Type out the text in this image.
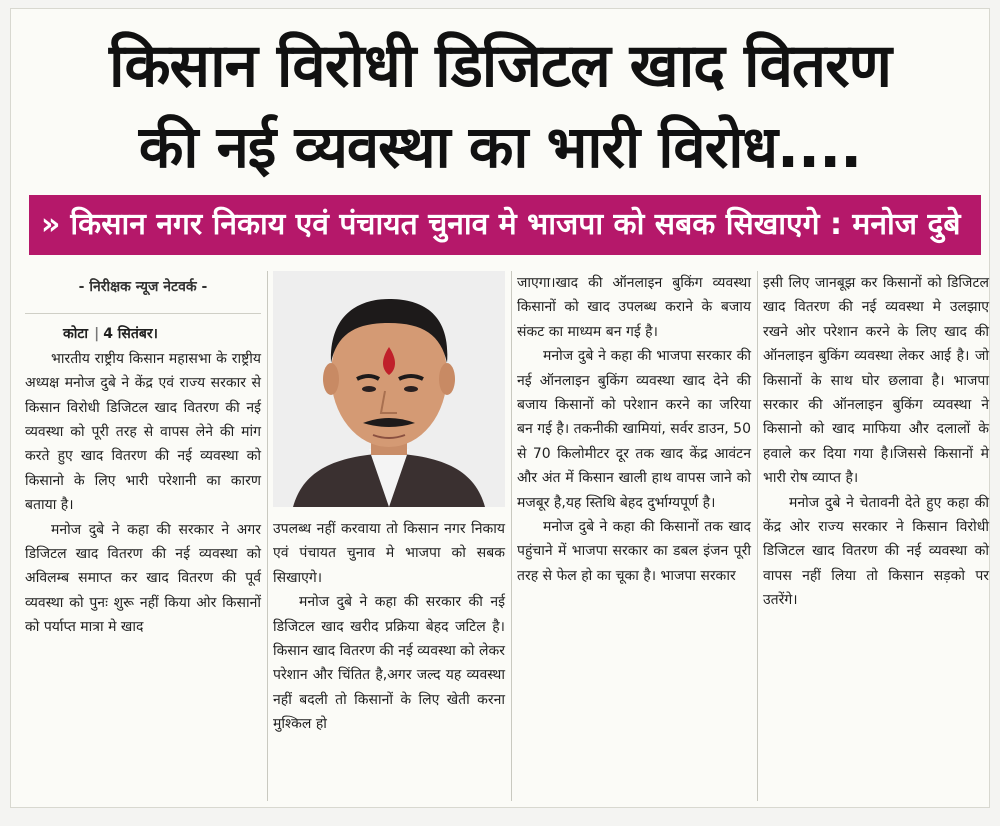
किसान विरोधी डिजिटल खाद वितरण
की नई व्यवस्था का भारी विरोध....
» किसान नगर निकाय एवं पंचायत चुनाव मे भाजपा को सबक सिखाएगे : मनोज दुबे
- निरीक्षक न्यूज नेटवर्क -
कोटा | 4 सितंबर।

भारतीय राष्ट्रीय किसान महासभा के राष्ट्रीय अध्यक्ष मनोज दुबे ने केंद्र एवं राज्य सरकार से किसान विरोधी डिजिटल खाद वितरण की नई व्यवस्था को पूरी तरह से वापस लेने की मांग करते हुए खाद वितरण की नई व्यवस्था को किसानो के लिए भारी परेशानी का कारण बताया है।

मनोज दुबे ने कहा की सरकार ने अगर डिजिटल खाद वितरण की नई व्यवस्था को अविलम्ब समाप्त कर खाद वितरण की पूर्व व्यवस्था को पुनः शुरू नहीं किया ओर किसानों को पर्याप्त मात्रा मे खाद

उपलब्ध नहीं करवाया तो किसान नगर निकाय एवं पंचायत चुनाव मे भाजपा को सबक सिखाएगे।

मनोज दुबे ने कहा की सरकार की नई डिजिटल खाद खरीद प्रक्रिया बेहद जटिल है। किसान खाद वितरण की नई व्यवस्था को लेकर परेशान और चिंतित है,अगर जल्द यह व्यवस्था नहीं बदली तो किसानों के लिए खेती करना मुश्किल हो

जाएगा।खाद की ऑनलाइन बुकिंग व्यवस्था किसानों को खाद उपलब्ध कराने के बजाय संकट का माध्यम बन गई है।

मनोज दुबे ने कहा की भाजपा सरकार की नई ऑनलाइन बुकिंग व्यवस्था खाद देने की बजाय किसानों को परेशान करने का जरिया बन गई है। तकनीकी खामियां, सर्वर डाउन, 50 से 70 किलोमीटर दूर तक खाद केंद्र आवंटन और अंत में किसान खाली हाथ वापस जाने को मजबूर है,यह स्तिथि बेहद दुर्भाग्यपूर्ण है।

मनोज दुबे ने कहा की किसानों तक खाद पहुंचाने में भाजपा सरकार का डबल इंजन पूरी तरह से फेल हो का चूका है। भाजपा सरकार

इसी लिए जानबूझ कर किसानों को डिजिटल खाद वितरण की नई व्यवस्था मे उलझाए रखने ओर परेशान करने के लिए खाद की ऑनलाइन बुकिंग व्यवस्था लेकर आई है। जो किसानों के साथ घोर छलावा है। भाजपा सरकार की ऑनलाइन बुकिंग व्यवस्था ने किसानो को खाद माफिया और दलालों के हवाले कर दिया गया है।जिससे किसानों मे भारी रोष व्याप्त है।

मनोज दुबे ने चेतावनी देते हुए कहा की केंद्र ओर राज्य सरकार ने किसान विरोधी डिजिटल खाद वितरण की नई व्यवस्था को वापस नहीं लिया तो किसान सड़को पर उतरेंगे।
